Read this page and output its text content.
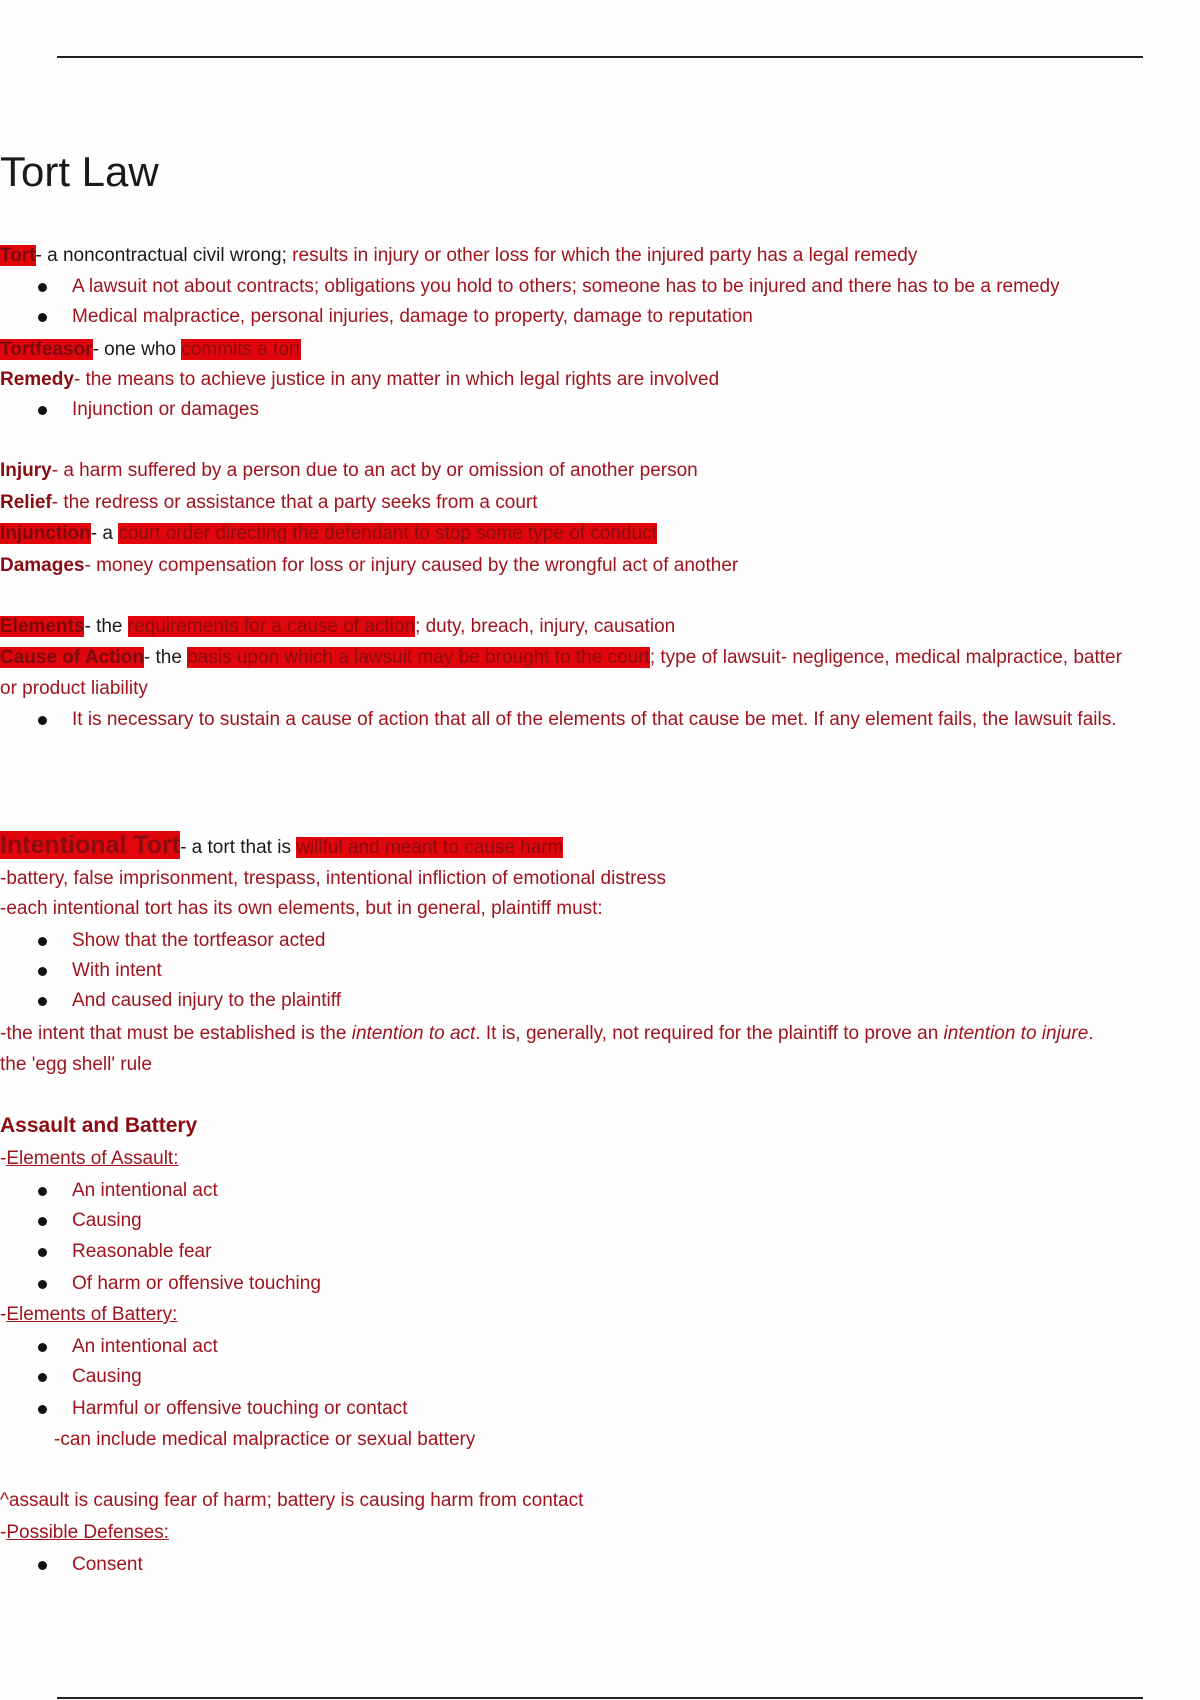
Tort Law
Tort- a noncontractual civil wrong; results in injury or other loss for which the injured party has a legal remedy
A lawsuit not about contracts; obligations you hold to others; someone has to be injured and there has to be a remedy
Medical malpractice, personal injuries, damage to property, damage to reputation
Tortfeasor- one who commits a tort
Remedy- the means to achieve justice in any matter in which legal rights are involved
Injunction or damages
Injury- a harm suffered by a person due to an act by or omission of another person
Relief- the redress or assistance that a party seeks from a court
Injunction- a court order directing the defendant to stop some type of conduct
Damages- money compensation for loss or injury caused by the wrongful act of another
Elements- the requirements for a cause of action; duty, breach, injury, causation
Cause of Action- the basis upon which a lawsuit may be brought to the court; type of lawsuit- negligence, medical malpractice, batter
or product liability
It is necessary to sustain a cause of action that all of the elements of that cause be met. If any element fails, the lawsuit fails.
Intentional Tort- a tort that is willful and meant to cause harm
-battery, false imprisonment, trespass, intentional infliction of emotional distress
-each intentional tort has its own elements, but in general, plaintiff must:
Show that the tortfeasor acted
With intent
And caused injury to the plaintiff
-the intent that must be established is the intention to act. It is, generally, not required for the plaintiff to prove an intention to injure.
the 'egg shell' rule
Assault and Battery
-Elements of Assault:
An intentional act
Causing
Reasonable fear
Of harm or offensive touching
-Elements of Battery:
An intentional act
Causing
Harmful or offensive touching or contact
-can include medical malpractice or sexual battery
^assault is causing fear of harm; battery is causing harm from contact
-Possible Defenses:
Consent
